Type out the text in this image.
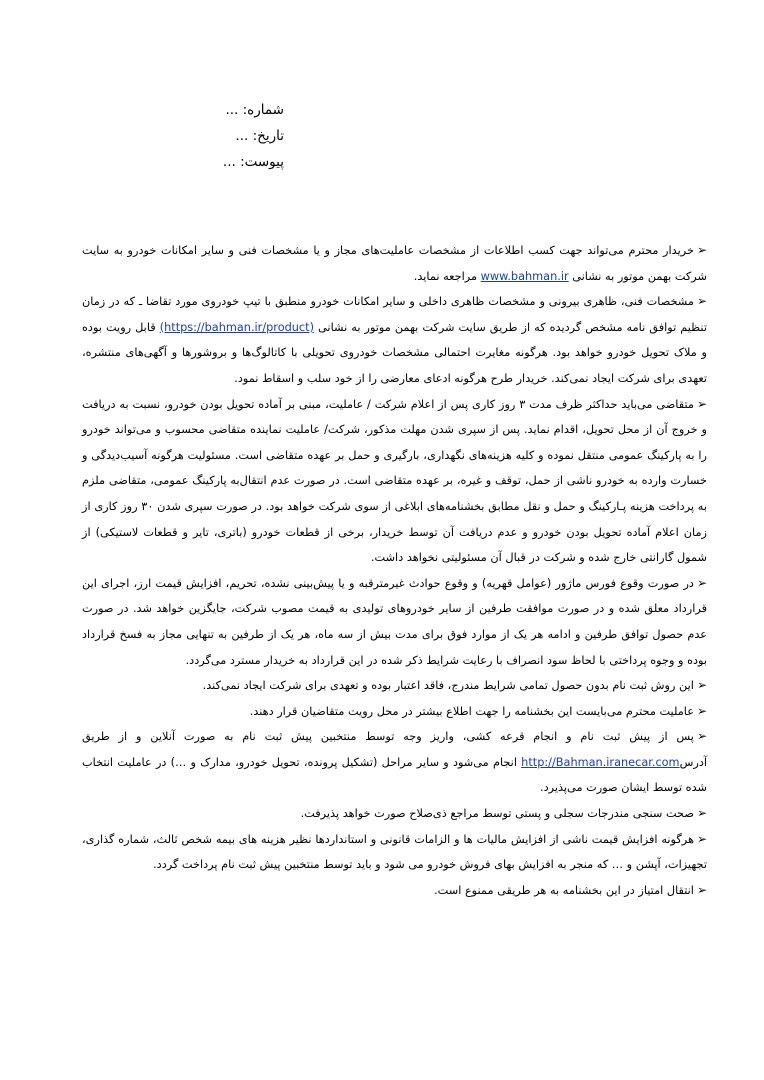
شماره: ...
تاریخ: ...
پیوست: ...

➢خریدار محترم می‌تواند جهت کسب اطلاعات از مشخصات عاملیت‌های مجاز و یا مشخصات فنی و سایر امکانات خودرو به سایت شرکت بهمن موتور به نشانی www.bahman.ir مراجعه نماید.

➢مشخصات فنی، ظاهری بیرونی و مشخصات ظاهری داخلی و سایر امکانات خودرو منطبق با تیپ خودروی مورد تقاضا ـ که در زمان تنظیم توافق نامه مشخص گردیده که از طریق سایت شرکت بهمن موتور به نشانی (https://bahman.ir/product) قابل رویت بوده و ملاک تحویل خودرو خواهد بود. هرگونه مغایرت احتمالی مشخصات خودروی تحویلی با کاتالوگ‌ها و بروشورها و آگهی‌های منتشره، تعهدی برای شرکت ایجاد نمی‌کند. خریدار طرح هرگونه ادعای معارضی را از خود سلب و اسقاط نمود.

➢متقاضی می‌باید حداکثر ظرف مدت ۳ روز کاری پس از اعلام شرکت / عاملیت، مبنی بر آماده تحویل بودن خودرو، نسبت به دریافت و خروج آن از محل تحویل، اقدام نماید. پس از سپری شدن مهلت مذکور، شرکت/ عاملیت نماینده متقاضی محسوب و می‌تواند خودرو را به پارکینگ عمومی منتقل نموده و کلیه هزینه‌های نگهداری، بارگیری و حمل بر عهده متقاضی است. مسئولیت هرگونه آسیب‌دیدگی و خسارت وارده به خودرو ناشی از حمل، توقف و غیره، بر عهده متقاضی است. در صورت عدم انتقال‌به پارکینگ عمومی، متقاضی ملزم به پرداخت هزینه پـارکینگ و حمل و نقل مطابق بخشنامه‌های ابلاغی از سوی شرکت خواهد بود. در صورت سپری شدن ۳۰ روز کاری از زمان اعلام آماده تحویل بودن خودرو و عدم دریافت آن توسط خریدار، برخی از قطعات خودرو (باتری، تایر و قطعات لاستیکی) از شمول گارانتی خارج شده و شرکت در قبال آن مسئولیتی نخواهد داشت.

➢در صورت وقوع فورس ماژور (عوامل قهریه) و وقوع حوادث غیرمترقبه و یا پیش‌بینی نشده، تحریم، افزایش قیمت ارز، اجرای این قرارداد معلق شده و در صورت موافقت طرفین از سایر خودروهای تولیدی به قیمت مصوب شرکت، جایگزین خواهد شد. در صورت عدم حصول توافق طرفین و ادامه هر یک از موارد فوق برای مدت بیش از سه ماه، هر یک از طرفین به تنهایی مجاز به فسخ قرارداد بوده و وجوه پرداختی با لحاظ سود انصراف با رعایت شرایط ذکر شده در این قرارداد به خریدار مسترد می‌گردد.

➢این روش ثبت نام بدون حصول تمامی شرایط مندرج، فاقد اعتبار بوده و تعهدی برای شرکت ایجاد نمی‌کند.

➢عاملیت محترم می‌بایست این بخشنامه را جهت اطلاع بیشتر در محل رویت متقاضیان قرار دهند.

➢پس از پیش ثبت نام و انجام قرعه کشی، واریز وجه توسط منتخبین پیش ثبت نام به صورت آنلاین و از طریق آدرسhttp://Bahman.iranecar.com انجام می‌شود و سایر مراحل (تشکیل پرونده، تحویل خودرو، مدارک و …) در عاملیت انتخاب شده توسط ایشان صورت می‌پذیرد.

➢صحت سنجی مندرجات سجلی و پستی توسط مراجع ذی‌صلاح صورت خواهد پذیرفت.

➢هرگونه افزایش قیمت ناشی از افزایش مالیات ها و الزامات قانونی و استانداردها نظیر هزینه های بیمه شخص ثالث، شماره گذاری، تجهیزات، آپشن و … که منجر به افزایش بهای فروش خودرو می شود و باید توسط منتخبین پیش ثبت نام پرداخت گردد.

➢انتقال امتیاز در این بخشنامه به هر طریقی ممنوع است.
